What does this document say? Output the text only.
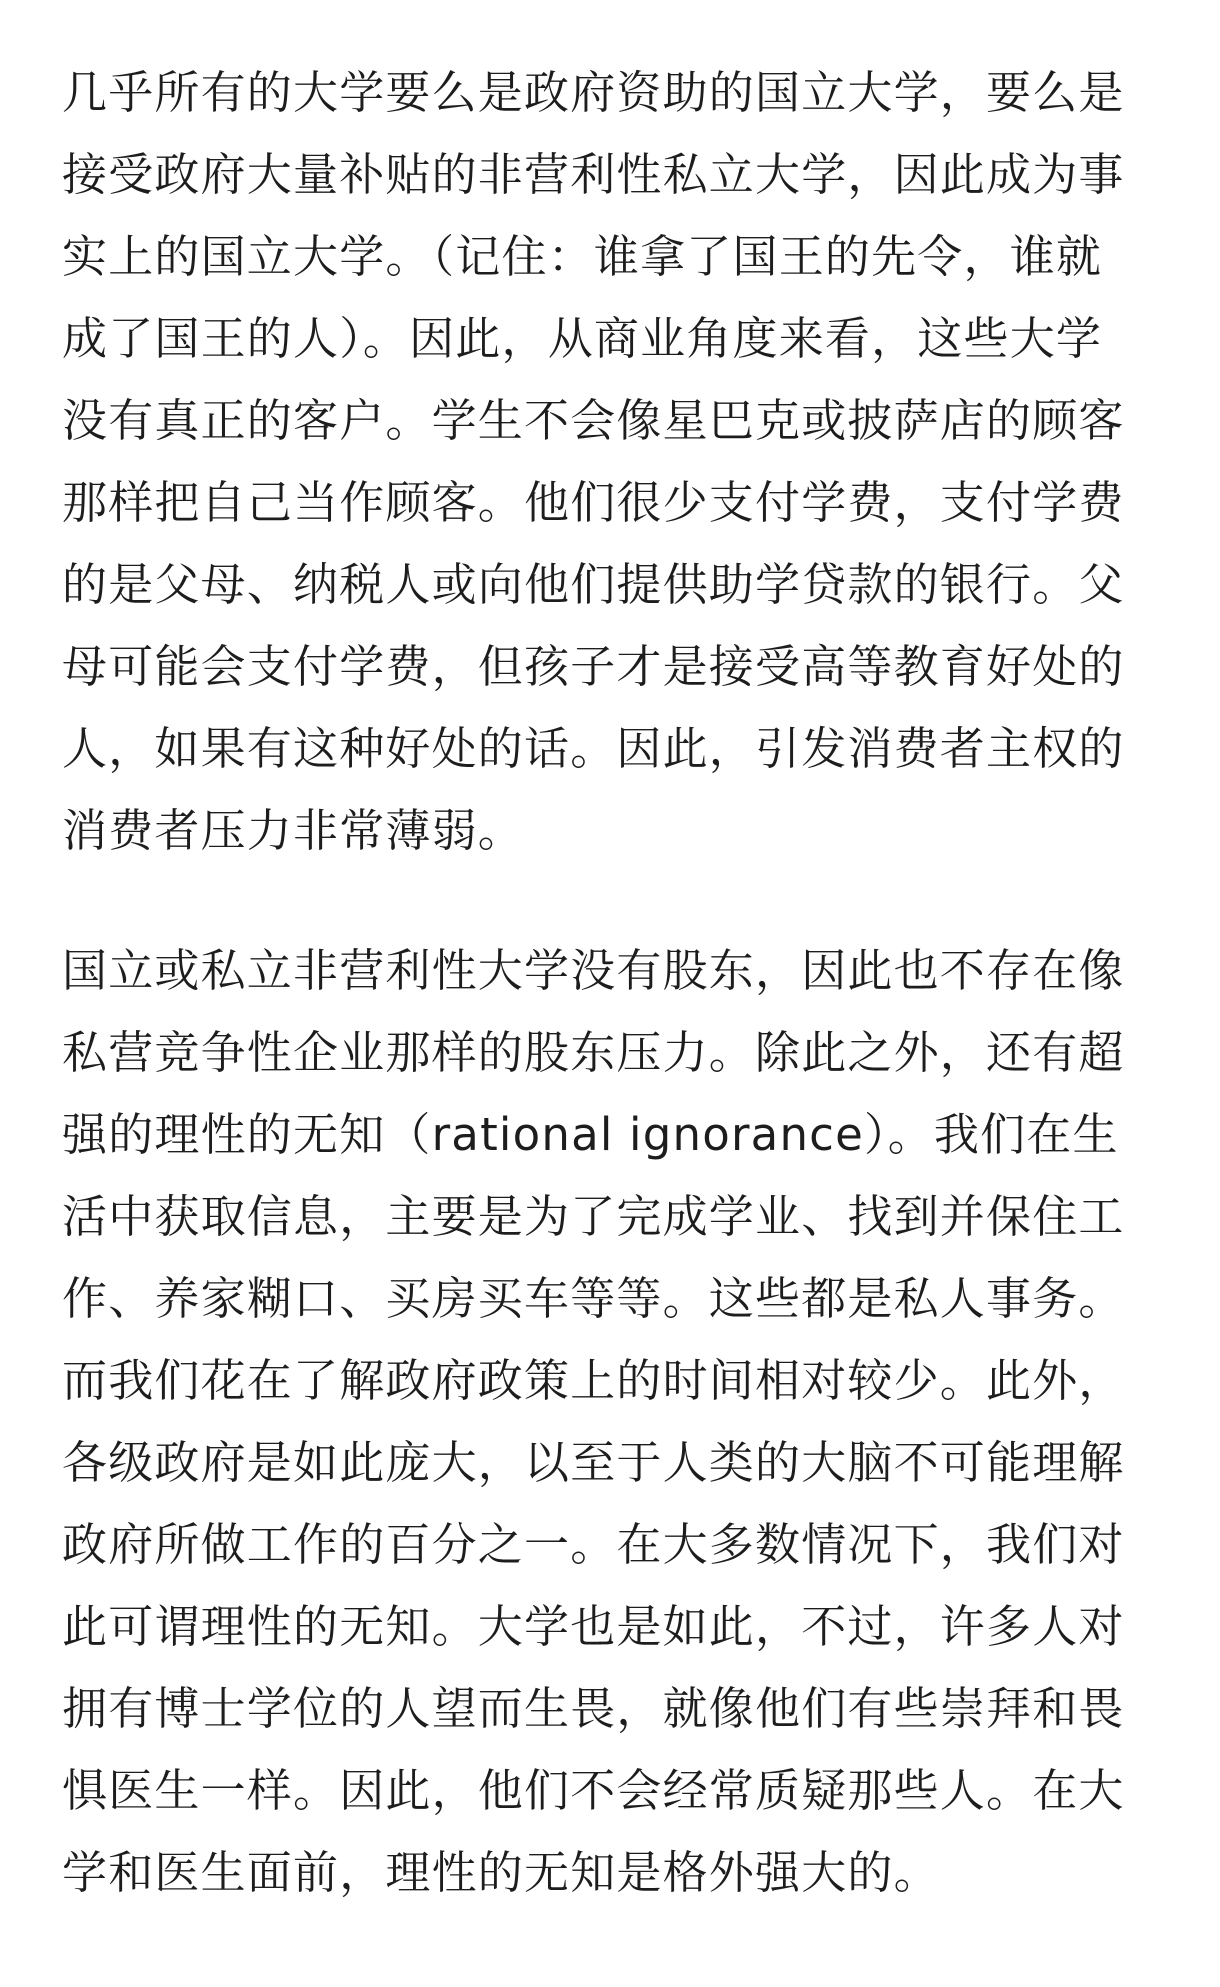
几乎所有的大学要么是政府资助的国立大学，要么是
接受政府大量补贴的非营利性私立大学，因此成为事
实上的国立大学。（记住：谁拿了国王的先令，谁就
成了国王的人）。因此，从商业角度来看，这些大学
没有真正的客户。学生不会像星巴克或披萨店的顾客
那样把自己当作顾客。他们很少支付学费，支付学费
的是父母、纳税人或向他们提供助学贷款的银行。父
母可能会支付学费，但孩子才是接受高等教育好处的
人，如果有这种好处的话。因此，引发消费者主权的
消费者压力非常薄弱。
国立或私立非营利性大学没有股东，因此也不存在像
私营竞争性企业那样的股东压力。除此之外，还有超
强的理性的无知（rational ignorance）。我们在生
活中获取信息，主要是为了完成学业、找到并保住工
作、养家糊口、买房买车等等。这些都是私人事务。
而我们花在了解政府政策上的时间相对较少。此外，
各级政府是如此庞大，以至于人类的大脑不可能理解
政府所做工作的百分之一。在大多数情况下，我们对
此可谓理性的无知。大学也是如此，不过，许多人对
拥有博士学位的人望而生畏，就像他们有些崇拜和畏
惧医生一样。因此，他们不会经常质疑那些人。在大
学和医生面前，理性的无知是格外强大的。
